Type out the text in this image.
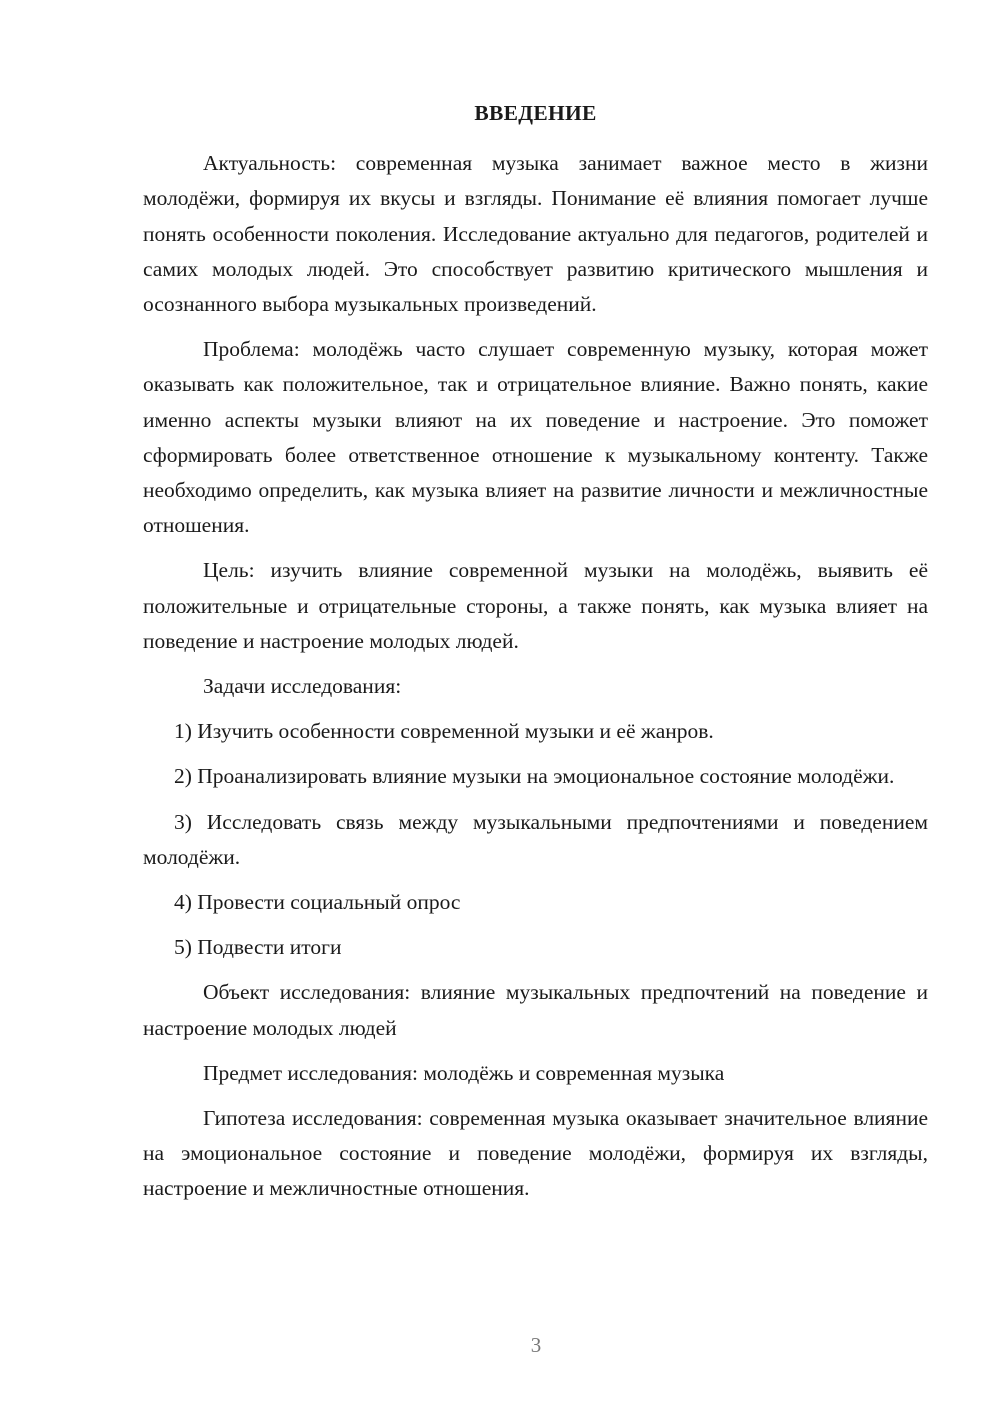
ВВЕДЕНИЕ

Актуальность: современная музыка занимает важное место в жизни молодёжи, формируя их вкусы и взгляды. Понимание её влияния помогает лучше понять особенности поколения. Исследование актуально для педагогов, родителей и самих молодых людей. Это способствует развитию критического мышления и осознанного выбора музыкальных произведений.

Проблема: молодёжь часто слушает современную музыку, которая может оказывать как положительное, так и отрицательное влияние. Важно понять, какие именно аспекты музыки влияют на их поведение и настроение. Это поможет сформировать более ответственное отношение к музыкальному контенту. Также необходимо определить, как музыка влияет на развитие личности и межличностные отношения.

Цель: изучить влияние современной музыки на молодёжь, выявить её положительные и отрицательные стороны, а также понять, как музыка влияет на поведение и настроение молодых людей.

Задачи исследования:

1) Изучить особенности современной музыки и её жанров.

2) Проанализировать влияние музыки на эмоциональное состояние молодёжи.

3) Исследовать связь между музыкальными предпочтениями и поведением молодёжи.

4) Провести социальный опрос

5) Подвести итоги

Объект исследования: влияние музыкальных предпочтений на поведение и настроение молодых людей

Предмет исследования: молодёжь и современная музыка

Гипотеза исследования: современная музыка оказывает значительное влияние на эмоциональное состояние и поведение молодёжи, формируя их взгляды, настроение и межличностные отношения.

3
